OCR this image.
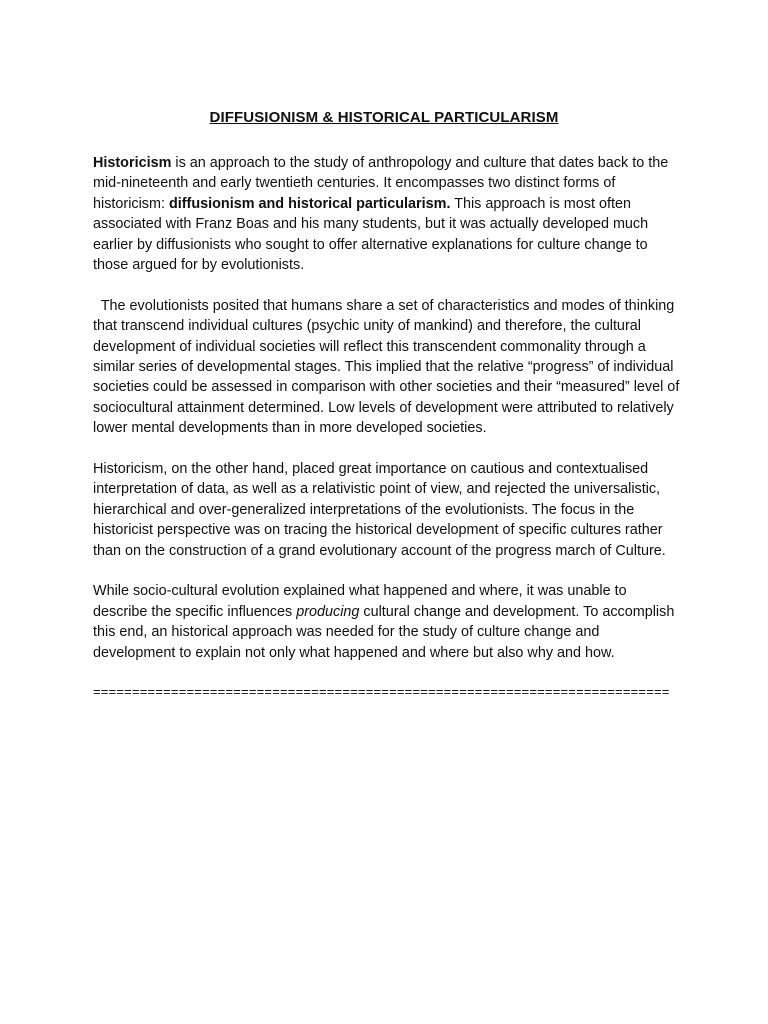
DIFFUSIONISM & HISTORICAL PARTICULARISM

Historicism is an approach to the study of anthropology and culture that dates back to the mid-nineteenth and early twentieth centuries. It encompasses two distinct forms of historicism: diffusionism and historical particularism. This approach is most often associated with Franz Boas and his many students, but it was actually developed much earlier by diffusionists who sought to offer alternative explanations for culture change to those argued for by evolutionists.

The evolutionists posited that humans share a set of characteristics and modes of thinking that transcend individual cultures (psychic unity of mankind) and therefore, the cultural development of individual societies will reflect this transcendent commonality through a similar series of developmental stages. This implied that the relative “progress” of individual societies could be assessed in comparison with other societies and their “measured” level of sociocultural attainment determined. Low levels of development were attributed to relatively lower mental developments than in more developed societies.

Historicism, on the other hand, placed great importance on cautious and contextualised interpretation of data, as well as a relativistic point of view, and rejected the universalistic, hierarchical and over-generalized interpretations of the evolutionists. The focus in the historicist perspective was on tracing the historical development of specific cultures rather than on the construction of a grand evolutionary account of the progress march of Culture.

While socio-cultural evolution explained what happened and where, it was unable to describe the specific influences producing cultural change and development. To accomplish this end, an historical approach was needed for the study of culture change and development to explain not only what happened and where but also why and how.

==========================================================================
